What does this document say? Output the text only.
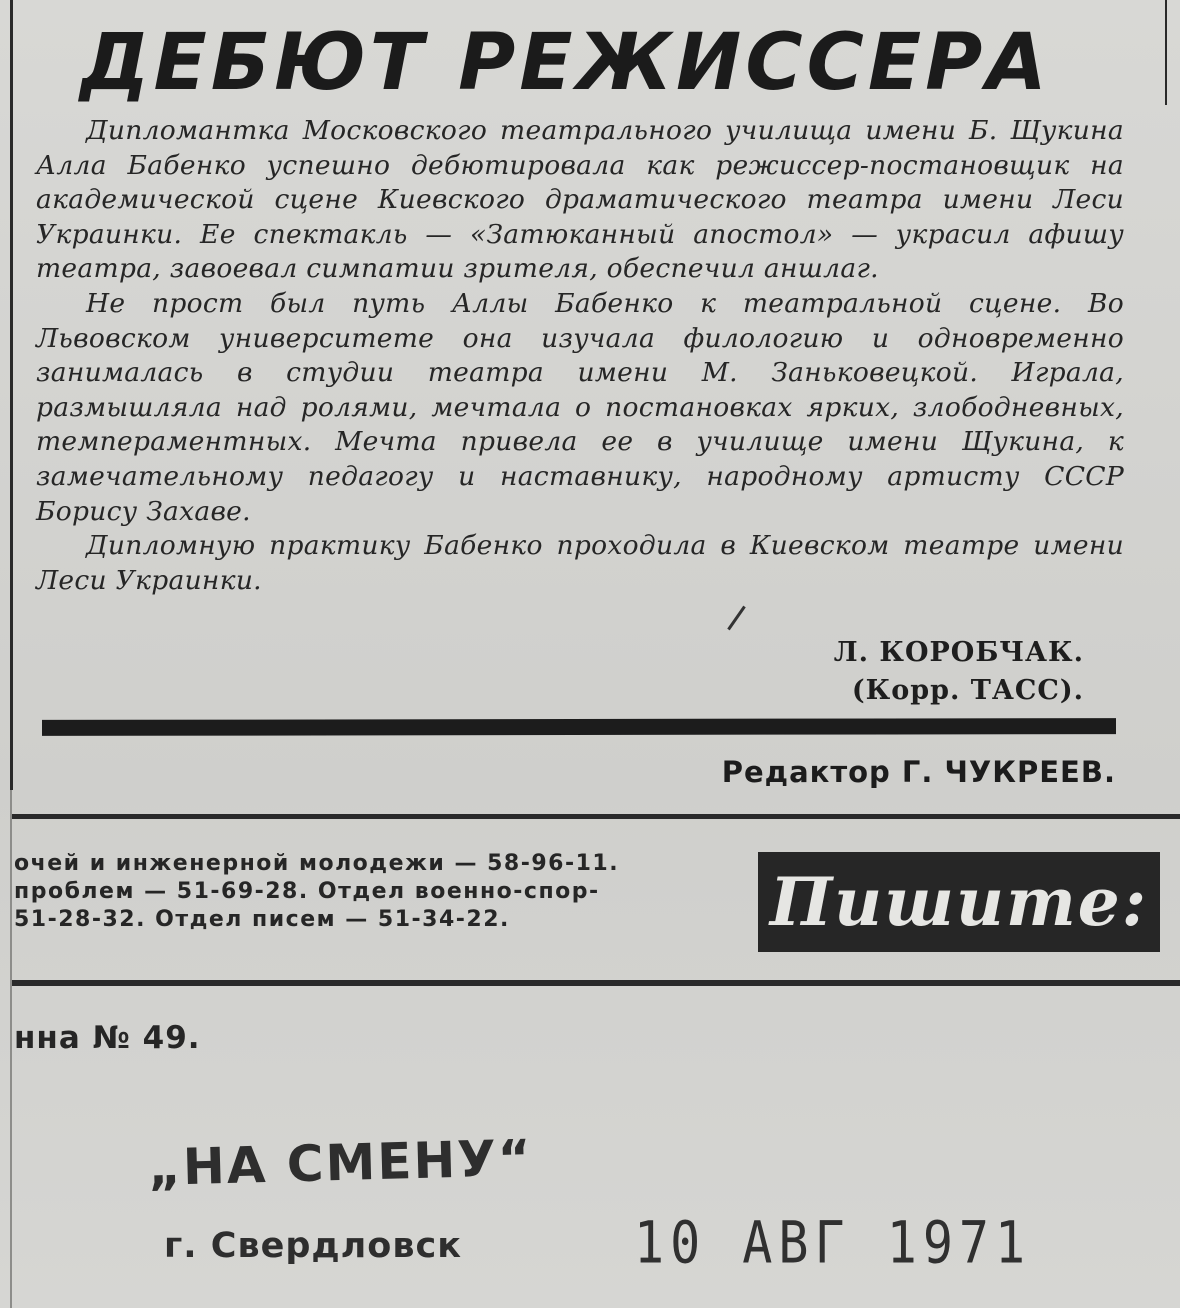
ДЕБЮТ РЕЖИССЕРА

Дипломантка Московского театрального училища имени Б. Щукина Алла Бабенко успешно дебютировала как режиссер-постановщик на академической сцене Киевского драматического театра имени Леси Украинки. Ее спектакль — «Затюканный апостол» — украсил афишу театра, завоевал симпатии зрителя, обеспечил аншлаг.

Не прост был путь Аллы Бабенко к театральной сцене. Во Львовском университете она изучала филологию и одновременно занималась в студии театра имени М. Заньковецкой. Играла, размышляла над ролями, мечтала о постановках ярких, злободневных, темпераментных. Мечта привела ее в училище имени Щукина, к замечательному педагогу и наставнику, народному артисту СССР Борису Захаве.

Дипломную практику Бабенко проходила в Киевском театре имени Леси Украинки.

Л. КОРОБЧАК.
(Корр. ТАСС).
Редактор Г. ЧУКРЕЕВ.
очей и инженерной молодежи — 58-96-11.
проблем — 51-69-28. Отдел военно-спор-
51-28-32. Отдел писем — 51-34-22.	Пишите:
нна № 49.
„НА СМЕНУ“
г. Свердловск	10 АВГ 1971
